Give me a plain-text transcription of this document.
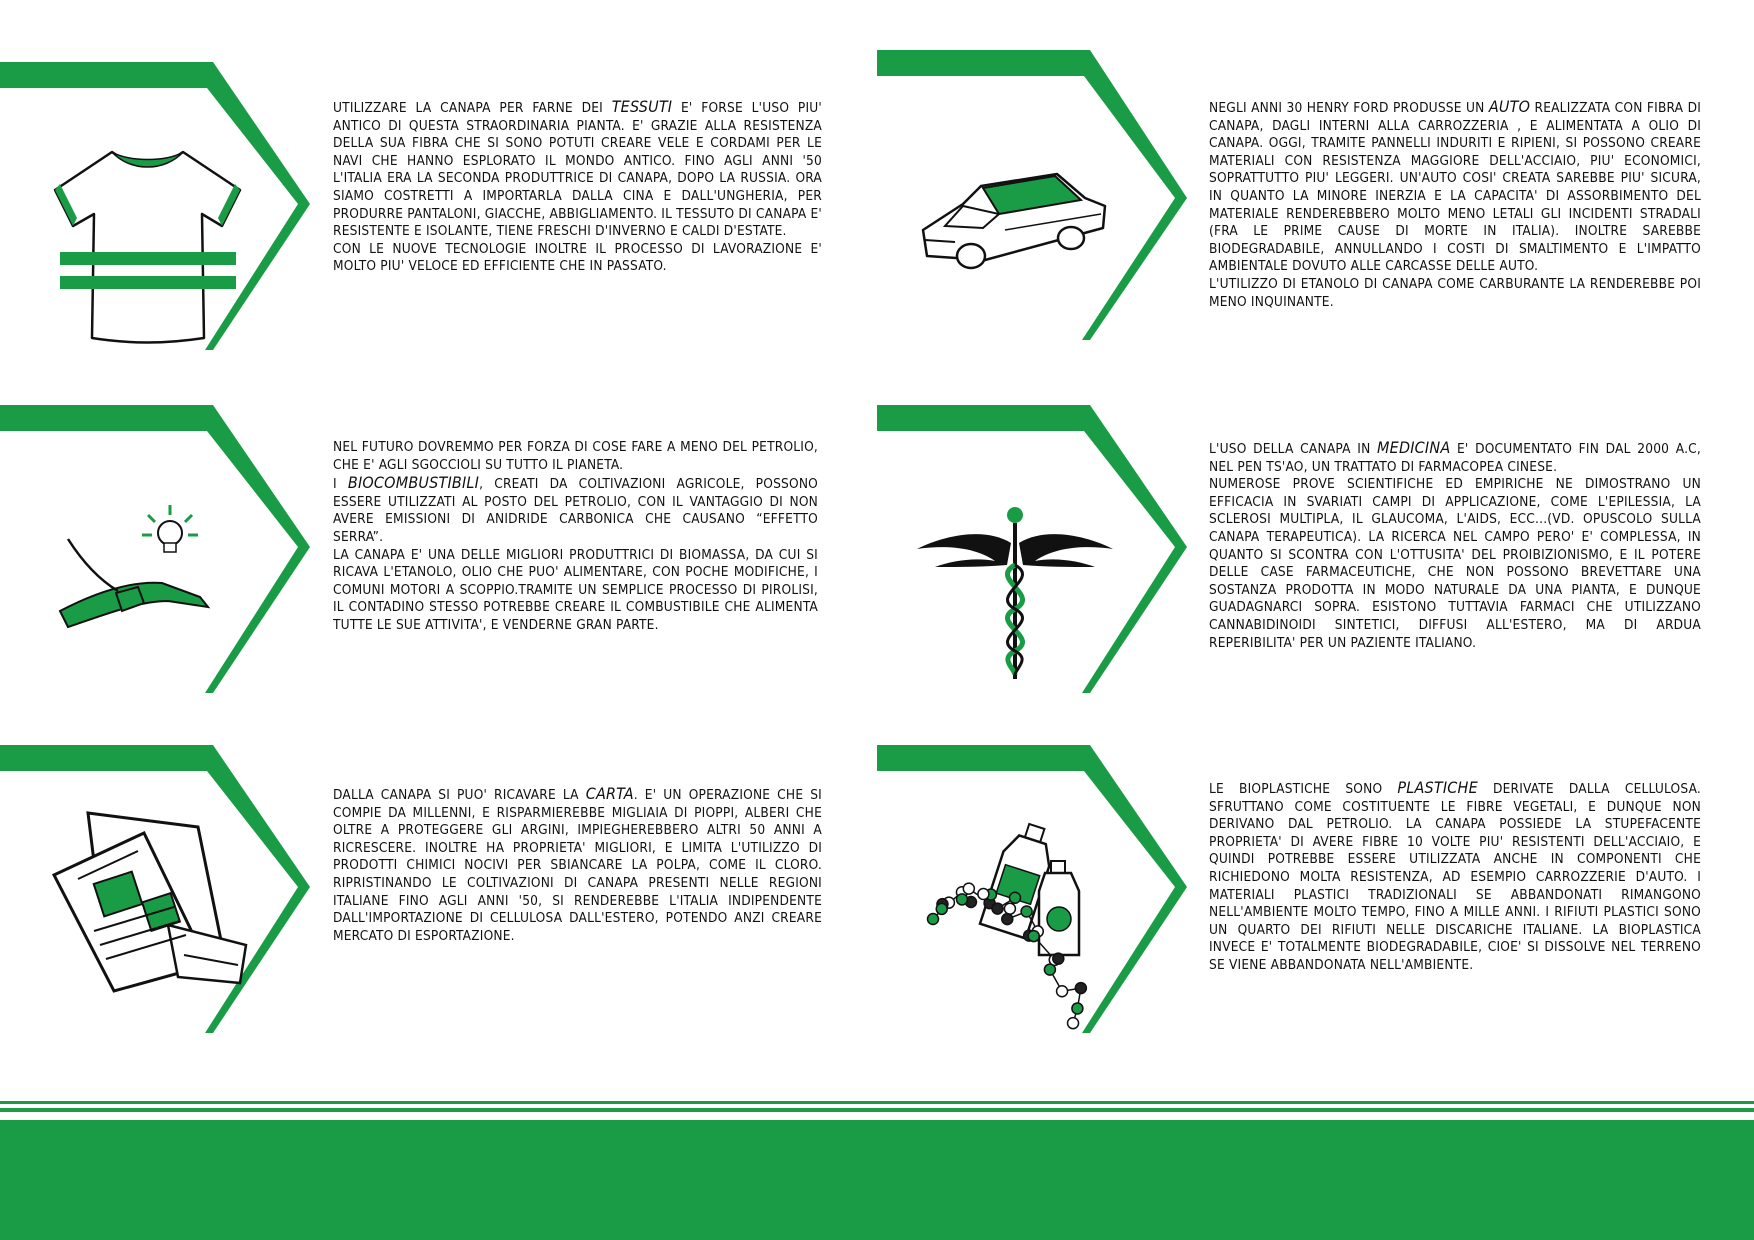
UTILIZZARE LA CANAPA PER FARNE DEI TESSUTI E' FORSE L'USO PIU' ANTICO DI QUESTA STRAORDINARIA PIANTA. E' GRAZIE ALLA RESISTENZA DELLA SUA FIBRA CHE SI SONO POTUTI CREARE VELE E CORDAMI PER LE NAVI CHE HANNO ESPLORATO IL MONDO ANTICO. FINO AGLI ANNI '50 L'ITALIA ERA LA SECONDA PRODUTTRICE DI CANAPA, DOPO LA RUSSIA. ORA SIAMO COSTRETTI A IMPORTARLA DALLA CINA E DALL'UNGHERIA, PER PRODURRE PANTALONI, GIACCHE, ABBIGLIAMENTO. IL TESSUTO DI CANAPA E' RESISTENTE E ISOLANTE, TIENE FRESCHI D'INVERNO E CALDI D'ESTATE.

CON LE NUOVE TECNOLOGIE INOLTRE IL PROCESSO DI LAVORAZIONE E' MOLTO PIU' VELOCE ED EFFICIENTE CHE IN PASSATO.

NEGLI ANNI 30 HENRY FORD PRODUSSE UN AUTO REALIZZATA CON FIBRA DI CANAPA, DAGLI INTERNI ALLA CARROZZERIA , E ALIMENTATA A OLIO DI CANAPA. OGGI, TRAMITE PANNELLI INDURITI E RIPIENI, SI POSSONO CREARE MATERIALI CON RESISTENZA MAGGIORE DELL'ACCIAIO, PIU' ECONOMICI, SOPRATTUTTO PIU' LEGGERI. UN'AUTO COSI' CREATA SAREBBE PIU' SICURA, IN QUANTO LA MINORE INERZIA E LA CAPACITA' DI ASSORBIMENTO DEL MATERIALE RENDEREBBERO MOLTO MENO LETALI GLI INCIDENTI STRADALI (FRA LE PRIME CAUSE DI MORTE IN ITALIA). INOLTRE SAREBBE BIODEGRADABILE, ANNULLANDO I COSTI DI SMALTIMENTO E L'IMPATTO AMBIENTALE DOVUTO ALLE CARCASSE DELLE AUTO.

L'UTILIZZO DI ETANOLO DI CANAPA COME CARBURANTE LA RENDEREBBE POI MENO INQUINANTE.

NEL FUTURO DOVREMMO PER FORZA DI COSE FARE A MENO DEL PETROLIO, CHE E' AGLI SGOCCIOLI SU TUTTO IL PIANETA.

I BIOCOMBUSTIBILI, CREATI DA COLTIVAZIONI AGRICOLE, POSSONO ESSERE UTILIZZATI AL POSTO DEL PETROLIO, CON IL VANTAGGIO DI NON AVERE EMISSIONI DI ANIDRIDE CARBONICA CHE CAUSANO “EFFETTO SERRA”.

LA CANAPA E' UNA DELLE MIGLIORI PRODUTTRICI DI BIOMASSA, DA CUI SI RICAVA L'ETANOLO, OLIO CHE PUO' ALIMENTARE, CON POCHE MODIFICHE, I COMUNI MOTORI A SCOPPIO.TRAMITE UN SEMPLICE PROCESSO DI PIROLISI, IL CONTADINO STESSO POTREBBE CREARE IL COMBUSTIBILE CHE ALIMENTA TUTTE LE SUE ATTIVITA', E VENDERNE GRAN PARTE.

L'USO DELLA CANAPA IN MEDICINA E' DOCUMENTATO FIN DAL 2000 A.C, NEL PEN TS'AO, UN TRATTATO DI FARMACOPEA CINESE.

NUMEROSE PROVE SCIENTIFICHE ED EMPIRICHE NE DIMOSTRANO UN EFFICACIA IN SVARIATI CAMPI DI APPLICAZIONE, COME L'EPILESSIA, LA SCLEROSI MULTIPLA, IL GLAUCOMA, L'AIDS, ECC...(VD. OPUSCOLO SULLA CANAPA TERAPEUTICA). LA RICERCA NEL CAMPO PERO' E' COMPLESSA, IN QUANTO SI SCONTRA CON L'OTTUSITA' DEL PROIBIZIONISMO, E IL POTERE DELLE CASE FARMACEUTICHE, CHE NON POSSONO BREVETTARE UNA SOSTANZA PRODOTTA IN MODO NATURALE DA UNA PIANTA, E DUNQUE GUADAGNARCI SOPRA. ESISTONO TUTTAVIA FARMACI CHE UTILIZZANO CANNABIDINOIDI SINTETICI, DIFFUSI ALL'ESTERO, MA DI ARDUA REPERIBILITA' PER UN PAZIENTE ITALIANO.

DALLA CANAPA SI PUO' RICAVARE LA CARTA. E' UN OPERAZIONE CHE SI COMPIE DA MILLENNI, E RISPARMIEREBBE MIGLIAIA DI PIOPPI, ALBERI CHE OLTRE A PROTEGGERE GLI ARGINI, IMPIEGHEREBBERO ALTRI 50 ANNI A RICRESCERE. INOLTRE HA PROPRIETA' MIGLIORI, E LIMITA L'UTILIZZO DI PRODOTTI CHIMICI NOCIVI PER SBIANCARE LA POLPA, COME IL CLORO. RIPRISTINANDO LE COLTIVAZIONI DI CANAPA PRESENTI NELLE REGIONI ITALIANE FINO AGLI ANNI '50, SI RENDEREBBE L'ITALIA INDIPENDENTE DALL'IMPORTAZIONE DI CELLULOSA DALL'ESTERO, POTENDO ANZI CREARE MERCATO DI ESPORTAZIONE.

LE BIOPLASTICHE SONO PLASTICHE DERIVATE DALLA CELLULOSA. SFRUTTANO COME COSTITUENTE LE FIBRE VEGETALI, E DUNQUE NON DERIVANO DAL PETROLIO. LA CANAPA POSSIEDE LA STUPEFACENTE PROPRIETA' DI AVERE FIBRE 10 VOLTE PIU' RESISTENTI DELL'ACCIAIO, E QUINDI POTREBBE ESSERE UTILIZZATA ANCHE IN COMPONENTI CHE RICHIEDONO MOLTA RESISTENZA, AD ESEMPIO CARROZZERIE D'AUTO. I MATERIALI PLASTICI TRADIZIONALI SE ABBANDONATI RIMANGONO NELL'AMBIENTE MOLTO TEMPO, FINO A MILLE ANNI. I RIFIUTI PLASTICI SONO UN QUARTO DEI RIFIUTI NELLE DISCARICHE ITALIANE. LA BIOPLASTICA INVECE E' TOTALMENTE BIODEGRADABILE, CIOE' SI DISSOLVE NEL TERRENO SE VIENE ABBANDONATA NELL'AMBIENTE.
